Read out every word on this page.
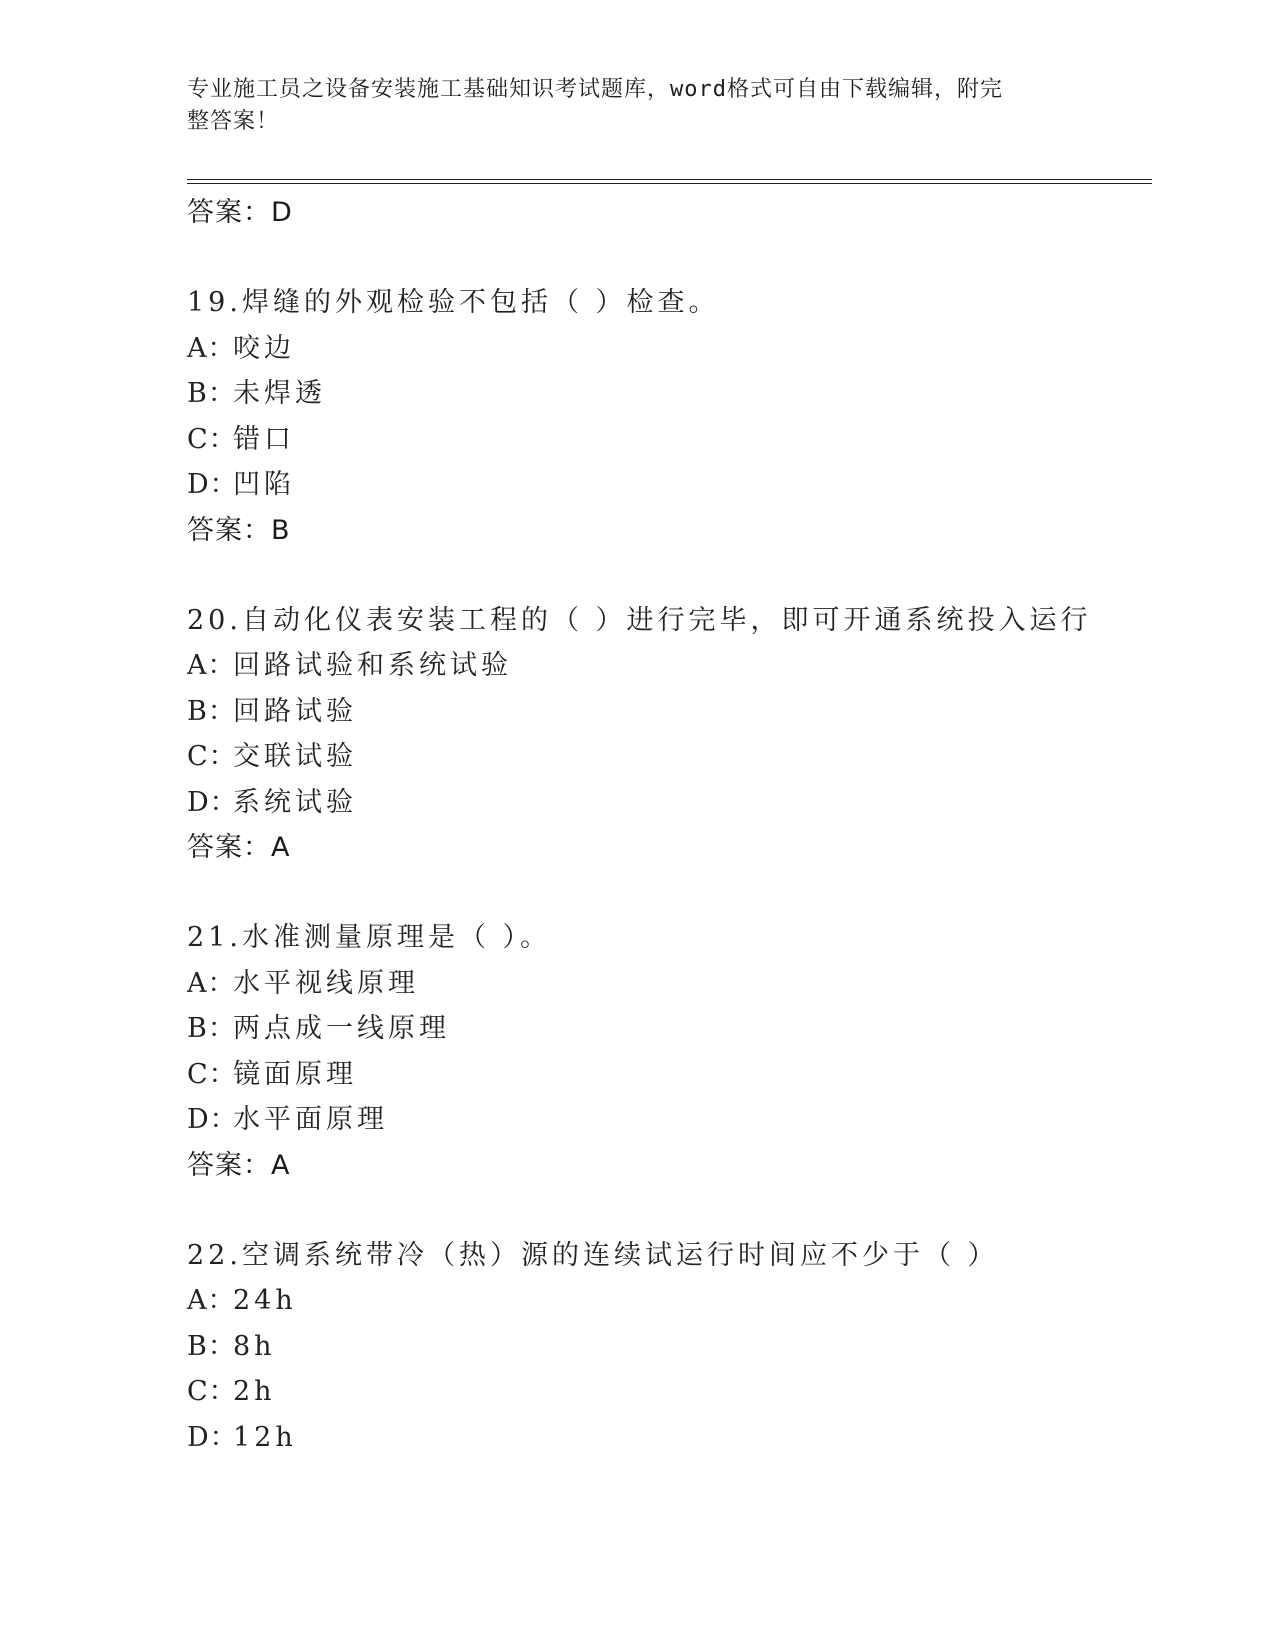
专业施工员之设备安装施工基础知识考试题库，word格式可自由下载编辑，附完
整答案！
答案：D
19.焊缝的外观检验不包括（ ）检查。
A：咬边
B：未焊透
C：错口
D：凹陷
答案：B
20.自动化仪表安装工程的（ ）进行完毕，即可开通系统投入运行
A：回路试验和系统试验
B：回路试验
C：交联试验
D：系统试验
答案：A
21.水准测量原理是（ ）。
A：水平视线原理
B：两点成一线原理
C：镜面原理
D：水平面原理
答案：A
22.空调系统带冷（热）源的连续试运行时间应不少于（ ）
A：24h
B：8h
C：2h
D：12h
